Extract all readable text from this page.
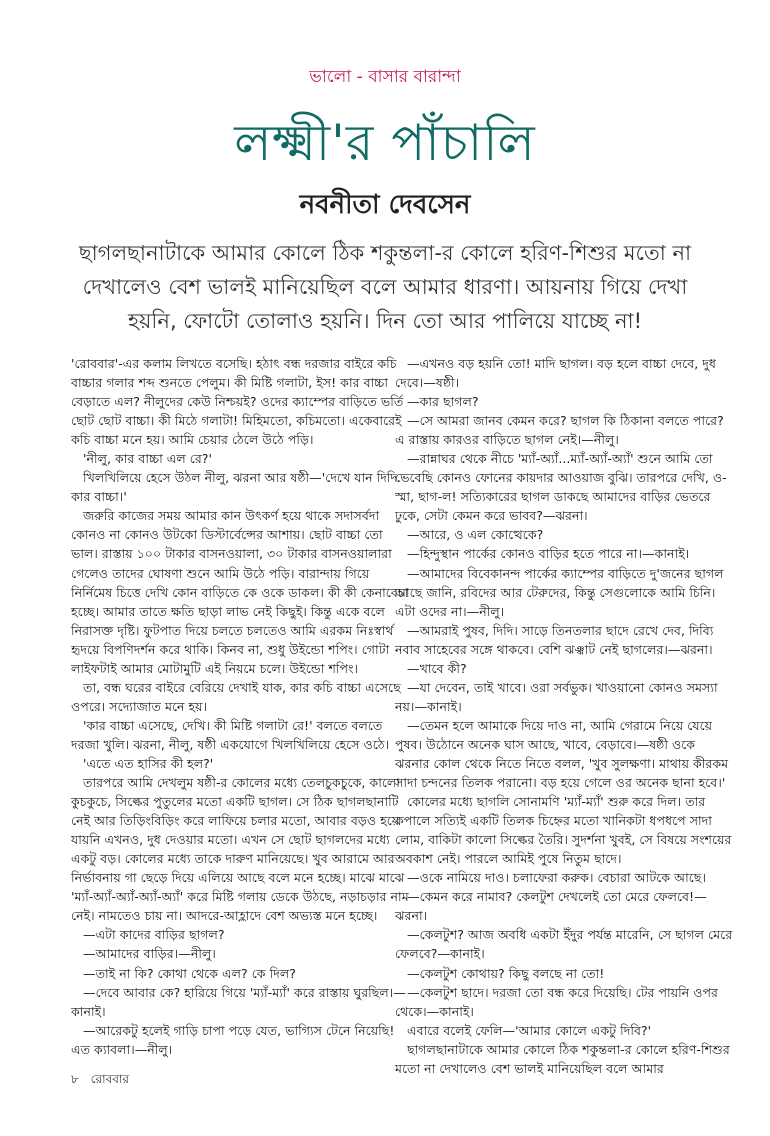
ভালো - বাসার বারান্দা
লক্ষ্মী'র পাঁচালি
নবনীতা দেবসেন
ছাগলছানাটাকে আমার কোলে ঠিক শকুন্তলা-র কোলে হরিণ-শিশুর মতো না দেখালেও বেশ ভালই মানিয়েছিল বলে আমার ধারণা। আয়নায় গিয়ে দেখা হয়নি, ফোটো তোলাও হয়নি। দিন তো আর পালিয়ে যাচ্ছে না!

'রোববার'-এর কলাম লিখতে বসেছি। হঠাৎ বন্ধ দরজার বাইরে কচি বাচ্চার গলার শব্দ শুনতে পেলুম। কী মিষ্টি গলাটা, ইস! কার বাচ্চা বেড়াতে এল? নীলুদের কেউ নিশ্চয়ই? ওদের ক্যাম্পের বাড়িতে ভর্তি ছোট ছোট বাচ্চা। কী মিঠে গলাটা! মিহিমতো, কচিমতো। একেবারেই কচি বাচ্চা মনে হয়। আমি চেয়ার ঠেলে উঠে পড়ি।

'নীলু, কার বাচ্চা এল রে?'

খিলখিলিয়ে হেসে উঠল নীলু, ঝরনা আর ষষ্ঠী—'দেখে যান দিদি কার বাচ্চা।'

জরুরি কাজের সময় আমার কান উৎকর্ণ হয়ে থাকে সদাসর্বদা কোনও না কোনও উটকো ডিস্টার্বেন্সের আশায়। ছোট বাচ্চা তো ভাল। রাস্তায় ১০০ টাকার বাসনওয়ালা, ৩০ টাকার বাসনওয়ালারা গেলেও তাদের ঘোষণা শুনে আমি উঠে পড়ি। বারান্দায় গিয়ে নির্নিমেষ চিত্তে দেখি কোন বাড়িতে কে ওকে ডাকল। কী কী কেনাবেচা হচ্ছে। আমার তাতে ক্ষতি ছাড়া লাভ নেই কিছুই। কিন্তু একে বলে নিরাসক্ত দৃষ্টি। ফুটপাত দিয়ে চলতে চলতেও আমি এরকম নিঃস্বার্থ হৃদয়ে বিপণিদর্শন করে থাকি। কিনব না, শুধু উইন্ডো শপিং। গোটা লাইফটাই আমার মোটামুটি এই নিয়মে চলে। উইন্ডো শপিং।

তা, বন্ধ ঘরের বাইরে বেরিয়ে দেখাই যাক, কার কচি বাচ্চা এসেছে ওপরে। সদ্যোজাত মনে হয়।

'কার বাচ্চা এসেছে, দেখি। কী মিষ্টি গলাটা রে!' বলতে বলতে দরজা খুলি। ঝরনা, নীলু, ষষ্ঠী একযোগে খিলখিলিয়ে হেসে ওঠে।

'এতে এত হাসির কী হল?'

তারপরে আমি দেখলুম ষষ্ঠী-র কোলের মধ্যে তেলচুকচুকে, কালো কুচকুচে, সিল্কের পুতুলের মতো একটি ছাগল। সে ঠিক ছাগলছানাটি নেই আর তিড়িংবিড়িং করে লাফিয়ে চলার মতো, আবার বড়ও হয়ে যায়নি এখনও, দুধ দেওয়ার মতো। এখন সে ছোট ছাগলদের মধ্যে একটু বড়। কোলের মধ্যে তাকে দারুণ মানিয়েছে। খুব আরামে আর নির্ভাবনায় গা ছেড়ে দিয়ে এলিয়ে আছে বলে মনে হচ্ছে। মাঝে মাঝে 'ম্যাঁ-অ্যাঁ-অ্যাঁ-অ্যাঁ-অ্যাঁ' করে মিষ্টি গলায় ডেকে উঠছে, নড়াচড়ার নাম নেই। নামতেও চায় না। আদরে-আহ্লাদে বেশ অভ্যস্ত মনে হচ্ছে।

—এটা কাদের বাড়ির ছাগল?

—আমাদের বাড়ির।—নীলু।

—তাই না কি? কোথা থেকে এল? কে দিল?

—দেবে আবার কে? হারিয়ে গিয়ে 'ম্যাঁ-ম্যাঁ' করে রাস্তায় ঘুরছিল।—কানাই।

—আরেকটু হলেই গাড়ি চাপা পড়ে যেত, ভাগ্যিস টেনে নিয়েছি! এত ক্যাবলা।—নীলু।

—এখনও বড় হয়নি তো! মাদি ছাগল। বড় হলে বাচ্চা দেবে, দুধ দেবে।—ষষ্ঠী।

—কার ছাগল?

—সে আমরা জানব কেমন করে? ছাগল কি ঠিকানা বলতে পারে? এ রাস্তায় কারওর বাড়িতে ছাগল নেই।—নীলু।

—রান্নাঘর থেকে নীচে 'ম্যাঁ-অ্যাঁ...ম্যাঁ-অ্যাঁ-অ্যাঁ' শুনে আমি তো ভেবেছি কোনও ফোনের কায়দার আওয়াজ বুঝি। তারপরে দেখি, ও-স্মা, ছাগ-ল! সত্যিকারের ছাগল ডাকছে আমাদের বাড়ির ভেতরে ঢুকে, সেটা কেমন করে ভাবব?—ঝরনা।

—আরে, ও এল কোত্থেকে?

—হিন্দুস্থান পার্কের কোনও বাড়ির হতে পারে না।—কানাই।

—আমাদের বিবেকানন্দ পার্কের ক্যাম্পের বাড়িতে দু'জনের ছাগল আছে জানি, রবিদের আর টেরুদের, কিন্তু সেগুলোকে আমি চিনি। এটা ওদের না।—নীলু।

—আমরাই পুষব, দিদি। সাড়ে তিনতলার ছাদে রেখে দেব, দিব্যি নবাব সাহেবের সঙ্গে থাকবে। বেশি ঝঞ্ঝাট নেই ছাগলের।—ঝরনা।

—খাবে কী?

—যা দেবেন, তাই খাবে। ওরা সর্বভুক। খাওয়ানো কোনও সমস্যা নয়।—কানাই।

—তেমন হলে আমাকে দিয়ে দাও না, আমি গেরামে নিয়ে যেয়ে পুষব। উঠোনে অনেক ঘাস আছে, খাবে, বেড়াবে।—ষষ্ঠী ওকে ঝরনার কোল থেকে নিতে নিতে বলল, 'খুব সুলক্ষণা। মাথায় কীরকম সাদা চন্দনের তিলক পরানো। বড় হয়ে গেলে ওর অনেক ছানা হবে।'

কোলের মধ্যে ছাগলি সোনামণি 'ম্যাঁ-ম্যাঁ' শুরু করে দিল। তার কপালে সত্যিই একটি তিলক চিহ্নের মতো খানিকটা ধপধপে সাদা লোম, বাকিটা কালো সিল্কের তৈরি। সুদর্শনা খুবই, সে বিষয়ে সংশয়ের অবকাশ নেই। পারলে আমিই পুষে নিতুম ছাদে।

—ওকে নামিয়ে দাও। চলাফেরা করুক। বেচারা আটকে আছে।

—কেমন করে নামাব? কেলটুশ দেখলেই তো মেরে ফেলবে!—ঝরনা।

—কেলটুশ? আজ অবধি একটা ইঁদুর পর্যন্ত মারেনি, সে ছাগল মেরে ফেলবে?—কানাই।

—কেলটুশ কোথায়? কিছু বলছে না তো!

—কেলটুশ ছাদে। দরজা তো বন্ধ করে দিয়েছি। টের পায়নি ওপর থেকে।—কানাই।

এবারে বলেই ফেলি—'আমার কোলে একটু দিবি?'

ছাগলছানাটাকে আমার কোলে ঠিক শকুন্তলা-র কোলে হরিণ-শিশুর মতো না দেখালেও বেশ ভালই মানিয়েছিল বলে আমার

৮ রোববার
